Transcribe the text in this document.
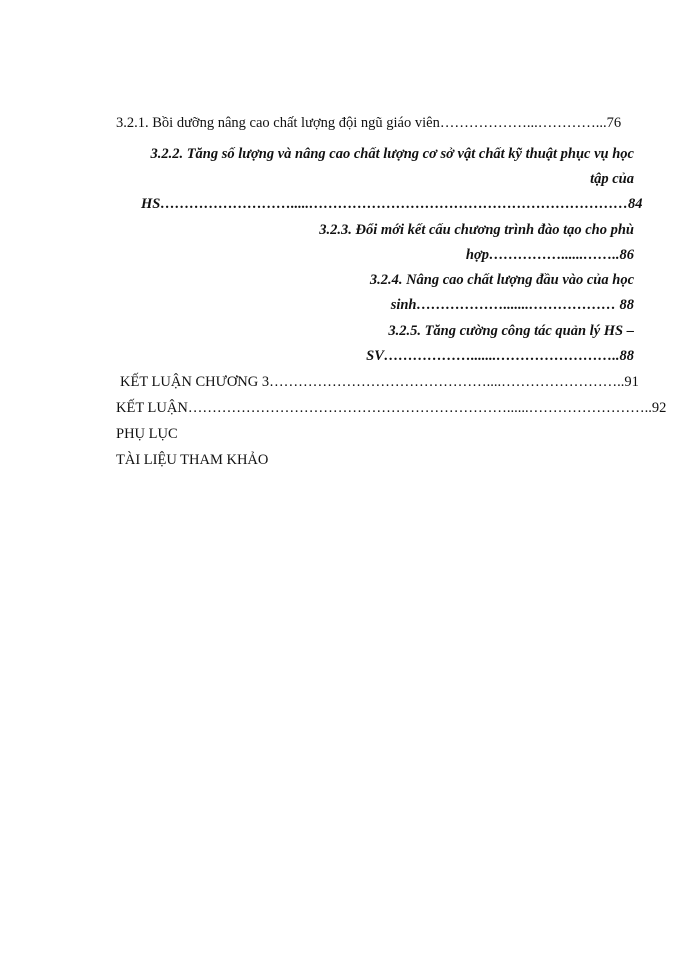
3.2.1. Bồi dưỡng nâng cao chất lượng đội ngũ giáo viên………………...…………...76
3.2.2. Tăng số lượng và nâng cao chất lượng cơ sở vật chất kỹ thuật phục vụ học
tập của
HS……………………….....…………………………………………………………84
3.2.3. Đổi mới kết cấu chương trình đào tạo cho phù
hợp……………......……..86
3.2.4. Nâng cao chất lượng đầu vào của học
sinh……………….......……………… 88
3.2.5. Tăng cường công tác quản lý HS –
SV……………….......……………………..88
KẾT LUẬN CHƯƠNG 3………………………………………....……………………..91
KẾT LUẬN…………………………………………………………......……………………..92
PHỤ LỤC
TÀI LIỆU THAM KHẢO
